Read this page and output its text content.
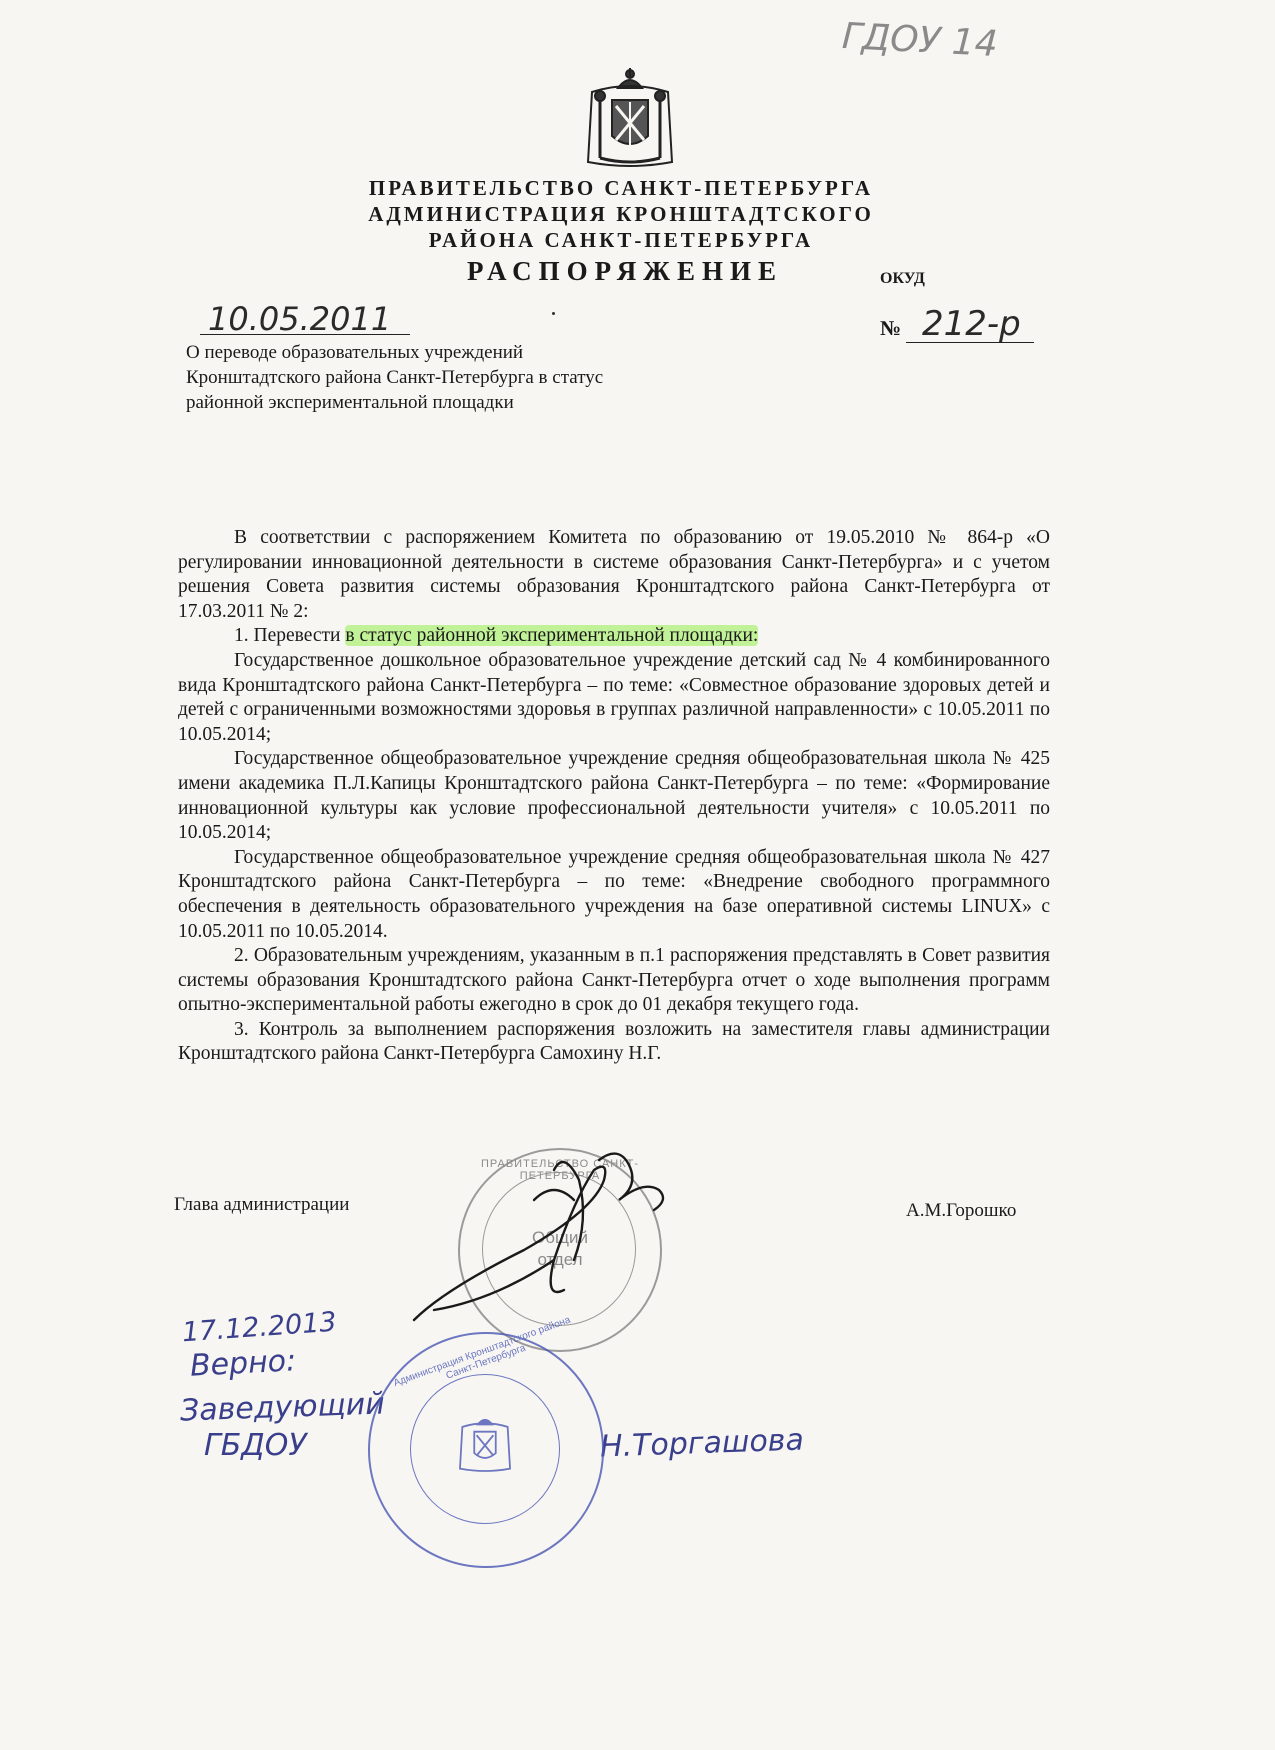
ГДОУ 14
ПРАВИТЕЛЬСТВО САНКТ-ПЕТЕРБУРГА
АДМИНИСТРАЦИЯ КРОНШТАДТСКОГО
РАЙОНА САНКТ-ПЕТЕРБУРГА
РАСПОРЯЖЕНИЕ	ОКУД
10.05.2011	№ 212-р
О переводе образовательных учреждений Кронштадтского района Санкт-Петербурга в статус районной экспериментальной площадки

В соответствии с распоряжением Комитета по образованию от 19.05.2010 № 864-р «О регулировании инновационной деятельности в системе образования Санкт-Петербурга» и с учетом решения Совета развития системы образования Кронштадтского района Санкт-Петербурга от 17.03.2011 № 2:

1. Перевести в статус районной экспериментальной площадки:

Государственное дошкольное образовательное учреждение детский сад № 4 комбинированного вида Кронштадтского района Санкт-Петербурга – по теме: «Совместное образование здоровых детей и детей с ограниченными возможностями здоровья в группах различной направленности» с 10.05.2011 по 10.05.2014;

Государственное общеобразовательное учреждение средняя общеобразовательная школа № 425 имени академика П.Л.Капицы Кронштадтского района Санкт-Петербурга – по теме: «Формирование инновационной культуры как условие профессиональной деятельности учителя» с 10.05.2011 по 10.05.2014;

Государственное общеобразовательное учреждение средняя общеобразовательная школа № 427 Кронштадтского района Санкт-Петербурга – по теме: «Внедрение свободного программного обеспечения в деятельность образовательного учреждения на базе оперативной системы LINUX» с 10.05.2011 по 10.05.2014.

2. Образовательным учреждениям, указанным в п.1 распоряжения представлять в Совет развития системы образования Кронштадтского района Санкт-Петербурга отчет о ходе выполнения программ опытно-экспериментальной работы ежегодно в срок до 01 декабря текущего года.

3. Контроль за выполнением распоряжения возложить на заместителя главы администрации Кронштадтского района Санкт-Петербурга Самохину Н.Г.

Глава администрации	А.М.Горошко
ПРАВИТЕЛЬСТВО САНКТ-ПЕТЕРБУРГА
Общий
отдел
17.12.2013
Верно:
Заведующий
ГБДОУ	Н.Торгашова
Администрация Кронштадтского района Санкт-Петербурга
